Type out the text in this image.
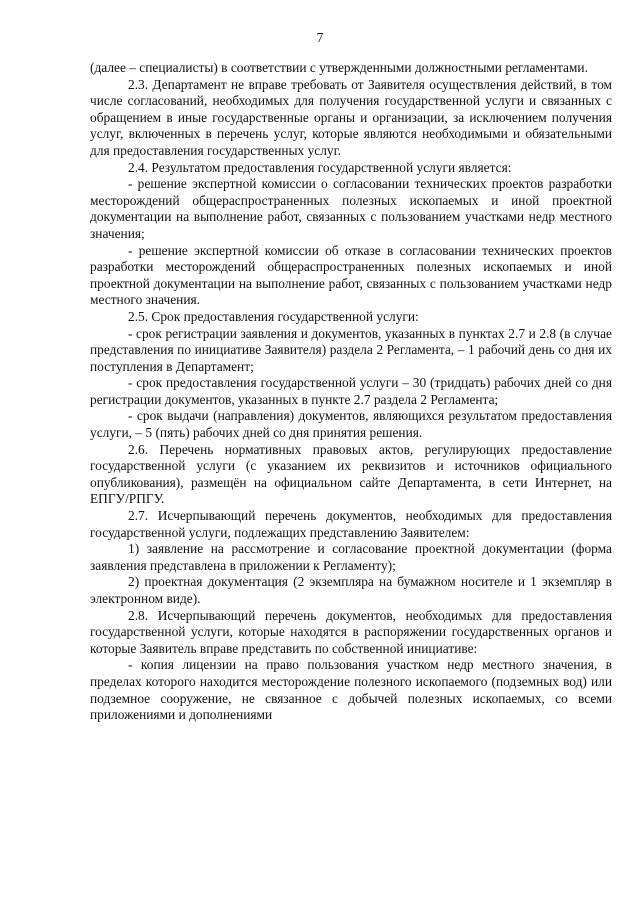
7

(далее – специалисты) в соответствии с утвержденными должностными регламентами.

2.3. Департамент не вправе требовать от Заявителя осуществления действий, в том числе согласований, необходимых для получения государственной услуги и связанных с обращением в иные государственные органы и организации, за исключением получения услуг, включенных в перечень услуг, которые являются необходимыми и обязательными для предоставления государственных услуг.

2.4. Результатом предоставления государственной услуги является:

- решение экспертной комиссии о согласовании технических проектов разработки месторождений общераспространенных полезных ископаемых и иной проектной документации на выполнение работ, связанных с пользованием участками недр местного значения;

- решение экспертной комиссии об отказе в согласовании технических проектов разработки месторождений общераспространенных полезных ископаемых и иной проектной документации на выполнение работ, связанных с пользованием участками недр местного значения.

2.5. Срок предоставления государственной услуги:

- срок регистрации заявления и документов, указанных в пунктах 2.7 и 2.8 (в случае представления по инициативе Заявителя) раздела 2 Регламента, – 1 рабочий день со дня их поступления в Департамент;

- срок предоставления государственной услуги – 30 (тридцать) рабочих дней со дня регистрации документов, указанных в пункте 2.7 раздела 2 Регламента;

- срок выдачи (направления) документов, являющихся результатом предоставления услуги, – 5 (пять) рабочих дней со дня принятия решения.

2.6. Перечень нормативных правовых актов, регулирующих предоставление государственной услуги (с указанием их реквизитов и источников официального опубликования), размещён на официальном сайте Департамента, в сети Интернет, на ЕПГУ/РПГУ.

2.7. Исчерпывающий перечень документов, необходимых для предоставления государственной услуги, подлежащих представлению Заявителем:

1) заявление на рассмотрение и согласование проектной документации (форма заявления представлена в приложении к Регламенту);

2) проектная документация (2 экземпляра на бумажном носителе и 1 экземпляр в электронном виде).

2.8. Исчерпывающий перечень документов, необходимых для предоставления государственной услуги, которые находятся в распоряжении государственных органов и которые Заявитель вправе представить по собственной инициативе:

- копия лицензии на право пользования участком недр местного значения, в пределах которого находится месторождение полезного ископаемого (подземных вод) или подземное сооружение, не связанное с добычей полезных ископаемых, со всеми приложениями и дополнениями
